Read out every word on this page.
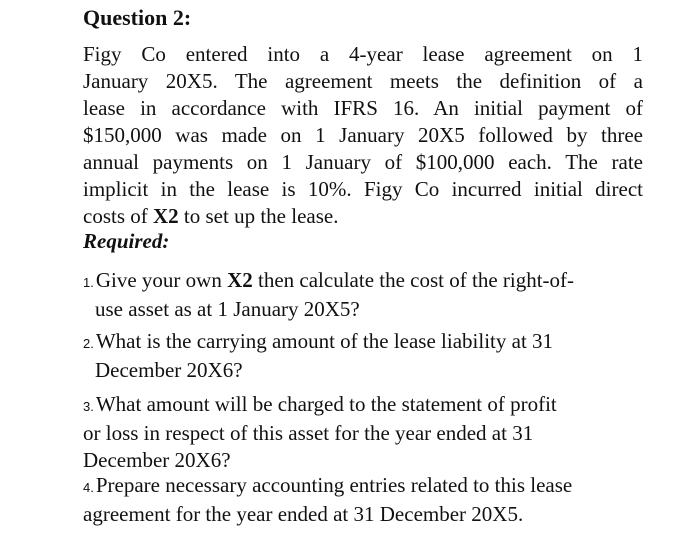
Question 2:
Figy Co entered into a 4-year lease agreement on 1
January 20X5. The agreement meets the definition of a
lease in accordance with IFRS 16. An initial payment of
$150,000 was made on 1 January 20X5 followed by three
annual payments on 1 January of $100,000 each. The rate
implicit in the lease is 10%. Figy Co incurred initial direct
costs of X2 to set up the lease.
Required:
1.Give your own X2 then calculate the cost of the right-of-
use asset as at 1 January 20X5?
2.What is the carrying amount of the lease liability at 31
December 20X6?
3.What amount will be charged to the statement of profit
or loss in respect of this asset for the year ended at 31
December 20X6?
4.Prepare necessary accounting entries related to this lease
agreement for the year ended at 31 December 20X5.
